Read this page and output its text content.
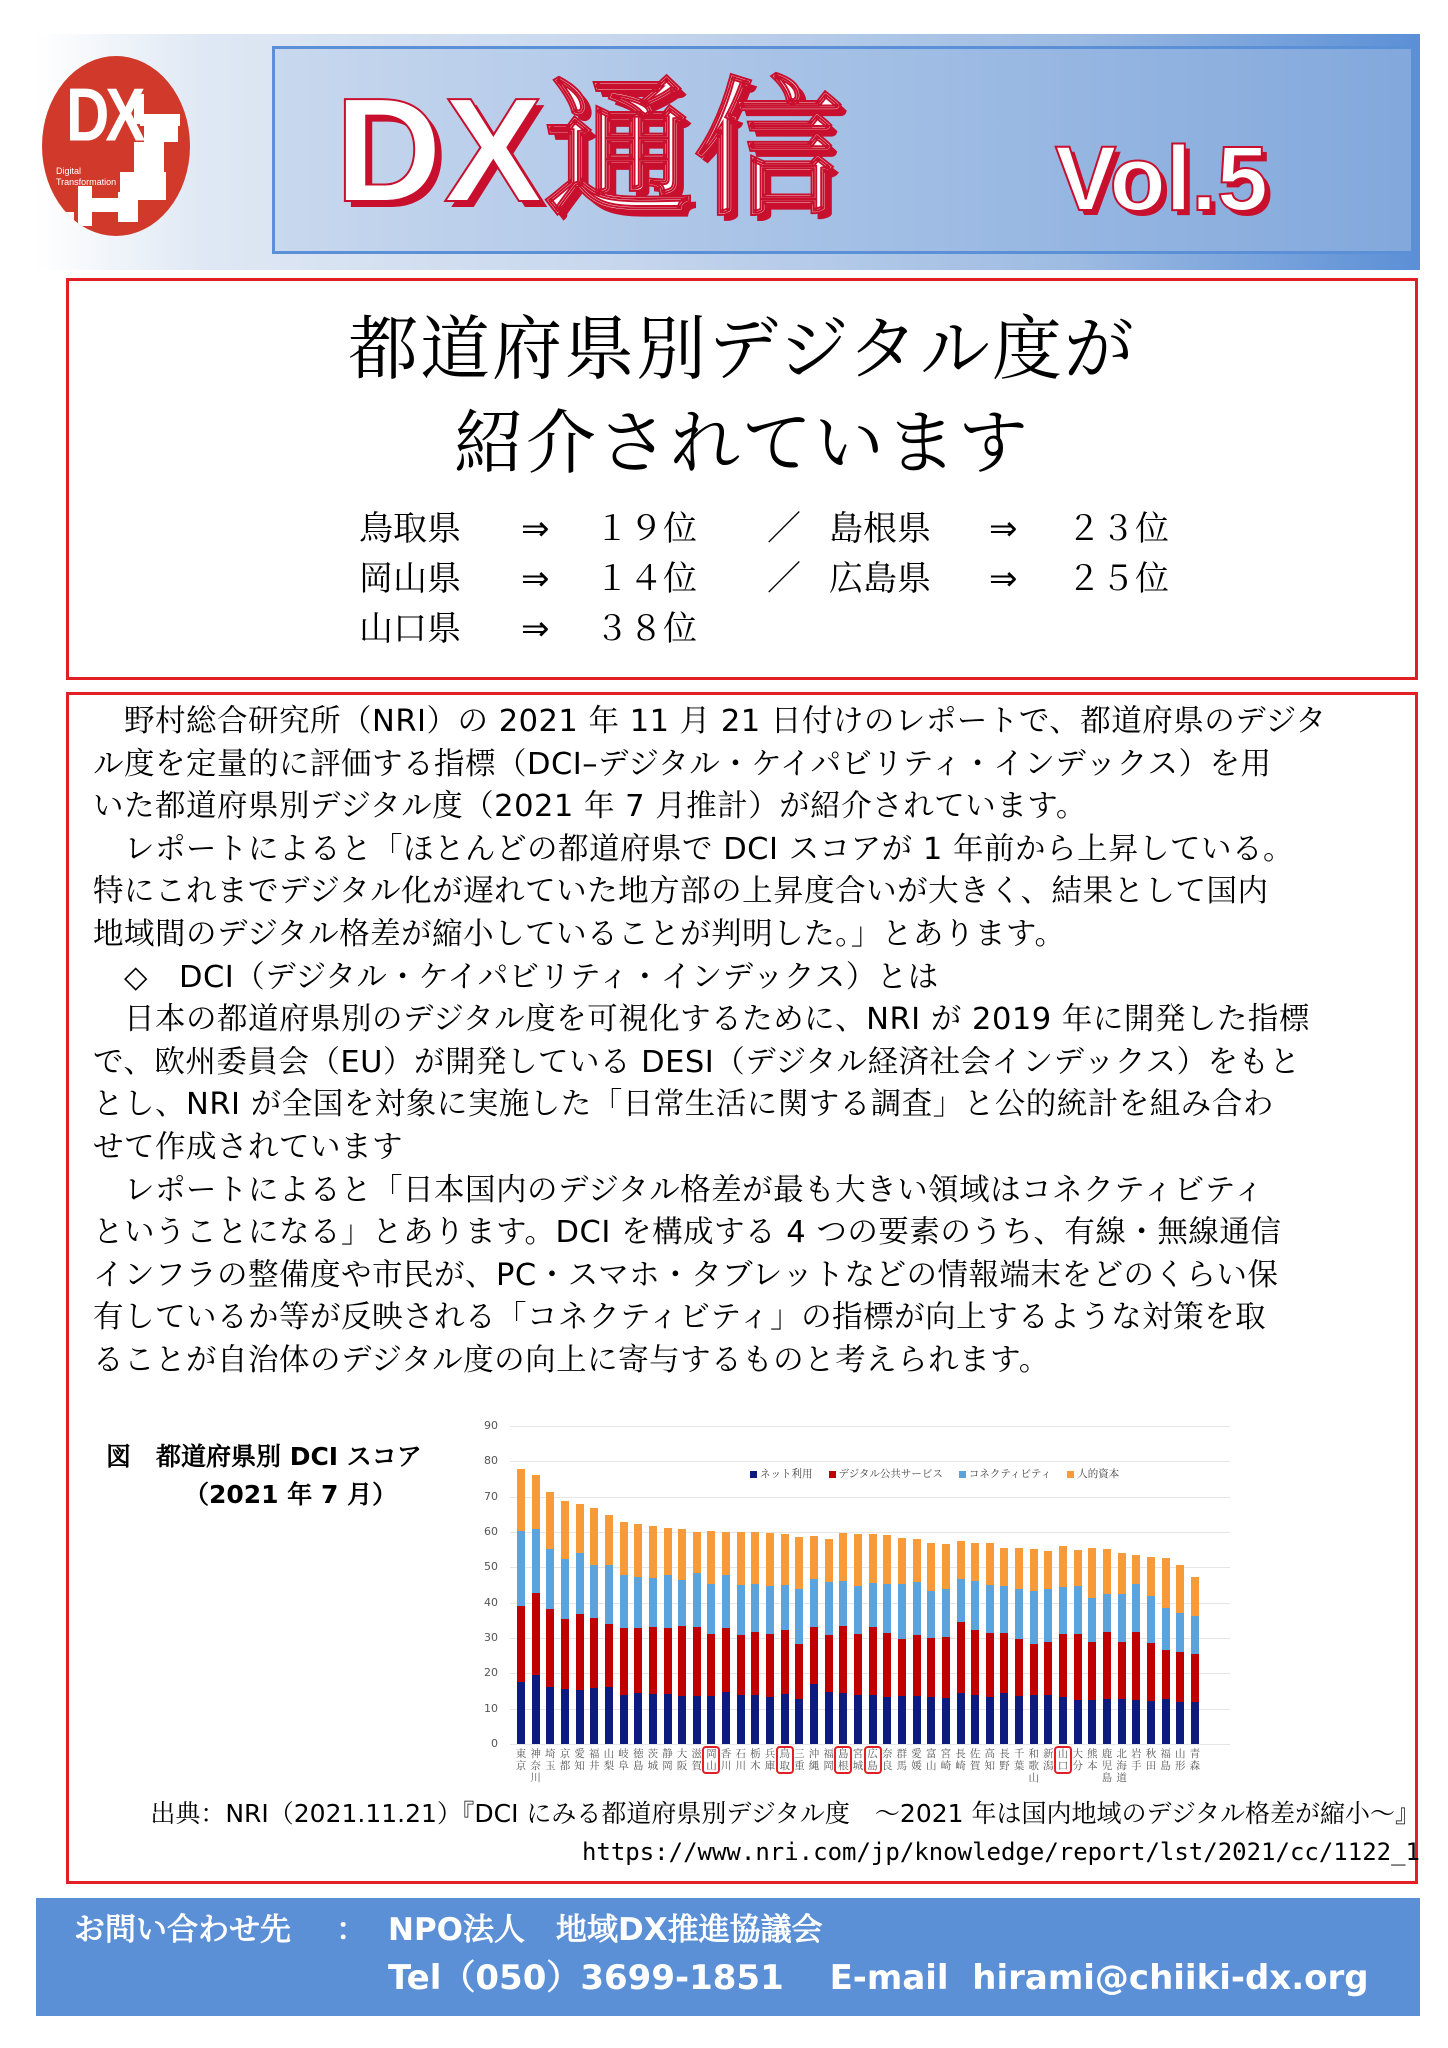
DX
Digital
Transformation DX通信 Vol.5
都道府県別デジタル度が
紹介されています

鳥取県

⇒

１９位

／

島根県

⇒

２３位

岡山県

⇒

１４位

／

広島県

⇒

２５位

山口県

⇒

３８位

　野村総合研究所（NRI）の 2021 年 11 月 21 日付けのレポートで、都道府県のデジタ
ル度を定量的に評価する指標（DCI–デジタル・ケイパビリティ・インデックス）を用
いた都道府県別デジタル度（2021 年 7 月推計）が紹介されています。
　レポートによると「ほとんどの都道府県で DCI スコアが 1 年前から上昇している。
特にこれまでデジタル化が遅れていた地方部の上昇度合いが大きく、結果として国内
地域間のデジタル格差が縮小していることが判明した。」とあります。
　◇　DCI（デジタル・ケイパビリティ・インデックス）とは
　日本の都道府県別のデジタル度を可視化するために、NRI が 2019 年に開発した指標
で、欧州委員会（EU）が開発している DESI（デジタル経済社会インデックス）をもと
とし、NRI が全国を対象に実施した「日常生活に関する調査」と公的統計を組み合わ
せて作成されています
　レポートによると「日本国内のデジタル格差が最も大きい領域はコネクティビティ
ということになる」とあります。DCI を構成する 4 つの要素のうち、有線・無線通信
インフラの整備度や市民が、PC・スマホ・タブレットなどの情報端末をどのくらい保
有しているか等が反映される「コネクティビティ」の指標が向上するような対策を取
ることが自治体のデジタル度の向上に寄与するものと考えられます。
図　都道府県別 DCI スコア
（2021 年 7 月）
ネット利用 デジタル公共サービス コネクティビティ 人的資本
0
10
20
30
40
50
60
70
80
90
東京
神奈川
埼玉
京都
愛知
福井
山梨
岐阜
徳島
茨城
静岡
大阪
滋賀
岡山
香川
石川
栃木
兵庫
鳥取
三重
沖縄
福岡
島根
宮城
広島
奈良
群馬
愛媛
富山
宮崎
長崎
佐賀
高知
長野
千葉
和歌山
新潟
山口
大分
熊本
鹿児島
北海道
岩手
秋田
福島
山形
青森
出典：NRI（2021.11.21）『DCI にみる都道府県別デジタル度　～2021 年は国内地域のデジタル格差が縮小～』
https://www.nri.com/jp/knowledge/report/lst/2021/cc/1122_1
お問い合わせ先 ： NPO法人　地域DX推進協議会
Tel（050）3699-1851　 E-mail  hirami@chiiki-dx.org
